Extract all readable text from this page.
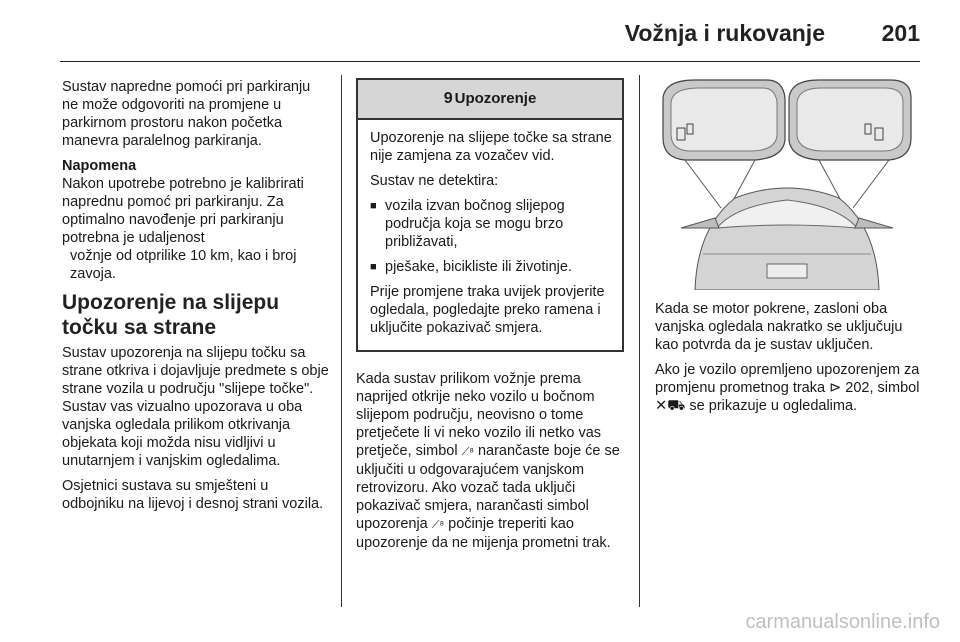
Vožnja i rukovanje 201

Sustav napredne pomoći pri parkiranju ne može odgovoriti na promjene u parkirnom prostoru nakon početka manevra paralelnog parkiranja.

Napomena

Nakon upotrebe potrebno je kalibrirati naprednu pomoć pri parkiranju. Za optimalno navođenje pri parkiranju potrebna je udaljenost

vožnje od otprilike 10 km, kao i broj zavoja.

Upozorenje na slijepu točku sa strane

Sustav upozorenja na slijepu točku sa strane otkriva i dojavljuje predmete s obje strane vozila u području "slijepe točke". Sustav vas vizualno upozorava u oba vanjska ogledala prilikom otkrivanja objekata koji možda nisu vidljivi u unutarnjem i vanjskim ogledalima.

Osjetnici sustava su smješteni u odbojniku na lijevoj i desnoj strani vozila.

9 Upozorenje

Upozorenje na slijepe točke sa strane nije zamjena za vozačev vid.

Sustav ne detektira:

■ vozila izvan bočnog slijepog područja koja se mogu brzo približavati,
■ pješake, bicikliste ili životinje.

Prije promjene traka uvijek provjerite ogledala, pogledajte preko ramena i uključite pokazivač smjera.

Kada sustav prilikom vožnje prema naprijed otkrije neko vozilo u bočnom slijepom području, neovisno o tome pretječete li vi neko vozilo ili netko vas pretječe, simbol ⟋⁸ narančaste boje će se uključiti u odgovarajućem vanjskom retrovizoru. Ako vozač tada uključi pokazivač smjera, narančasti simbol upozorenja ⟋⁸ počinje treperiti kao upozorenje da ne mijenja prometni trak.

Kada se motor pokrene, zasloni oba vanjska ogledala nakratko se uključuju kao potvrda da je sustav uključen.

Ako je vozilo opremljeno upozorenjem za promjenu prometnog traka ⊳ 202, simbol ✕⛟ se prikazuje u ogledalima.

carmanualsonline.info
